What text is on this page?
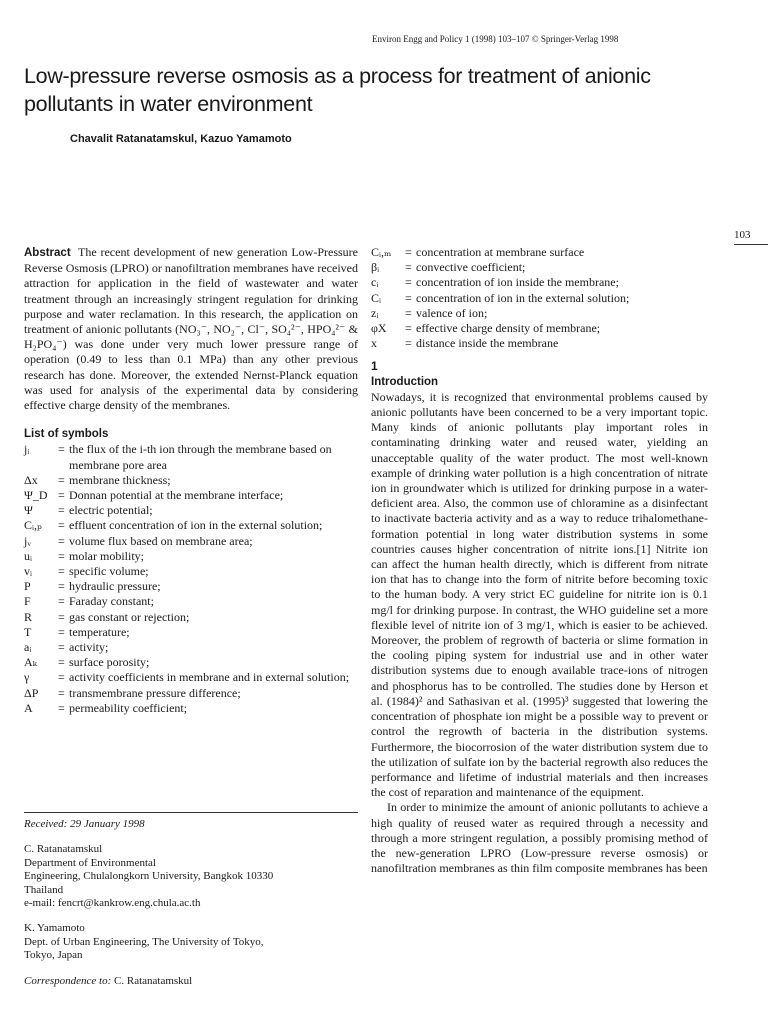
Environ Engg and Policy 1 (1998) 103–107 © Springer-Verlag 1998
Low-pressure reverse osmosis as a process for treatment of anionic pollutants in water environment
Chavalit Ratanatamskul, Kazuo Yamamoto
103

Abstract The recent development of new generation Low-Pressure Reverse Osmosis (LPRO) or nanofiltration membranes have received attraction for application in the field of wastewater and water treatment through an increasingly stringent regulation for drinking purpose and water reclamation. In this research, the application on treatment of anionic pollutants (NO₃⁻, NO₂⁻, Cl⁻, SO₄²⁻, HPO₄²⁻ & H₂PO₄⁻) was done under very much lower pressure range of operation (0.49 to less than 0.1 MPa) than any other previous research has done. Moreover, the extended Nernst-Planck equation was used for analysis of the experimental data by considering effective charge density of the membranes.

List of symbols
jᵢ	= the flux of the i-th ion through the membrane based on membrane pore area
Δx	= membrane thickness;
Ψ_D = Donnan potential at the membrane interface;
Ψ	= electric potential;
Cᵢ,ₚ	= effluent concentration of ion in the external solution;
jᵥ	= volume flux based on membrane area;
uᵢ	= molar mobility;
vᵢ	= specific volume;
P	= hydraulic pressure;
F	= Faraday constant;
R	= gas constant or rejection;
T	= temperature;
aᵢ	= activity;
Aₖ	= surface porosity;
γ	= activity coefficients in membrane and in external solution;
ΔP	= transmembrane pressure difference;
A	= permeability coefficient;
Received: 29 January 1998
C. Ratanatamskul
Department of Environmental
Engineering, Chulalongkorn University, Bangkok 10330
Thailand
e-mail: fencrt@kankrow.eng.chula.ac.th
K. Yamamoto
Dept. of Urban Engineering, The University of Tokyo,
Tokyo, Japan
Correspondence to: C. Ratanatamskul
Cᵢ,ₘ	= concentration at membrane surface
βᵢ	= convective coefficient;
cᵢ	= concentration of ion inside the membrane;
Cᵢ	= concentration of ion in the external solution;
zᵢ	= valence of ion;
φX	= effective charge density of membrane;
x	= distance inside the membrane
1
Introduction

Nowadays, it is recognized that environmental problems caused by anionic pollutants have been concerned to be a very important topic. Many kinds of anionic pollutants play important roles in contaminating drinking water and reused water, yielding an unacceptable quality of the water product. The most well-known example of drinking water pollution is a high concentration of nitrate ion in groundwater which is utilized for drinking purpose in a water-deficient area. Also, the common use of chloramine as a disinfectant to inactivate bacteria activity and as a way to reduce trihalomethane-formation potential in long water distribution systems in some countries causes higher concentration of nitrite ions.[1] Nitrite ion can affect the human health directly, which is different from nitrate ion that has to change into the form of nitrite before becoming toxic to the human body. A very strict EC guideline for nitrite ion is 0.1 mg/l for drinking purpose. In contrast, the WHO guideline set a more flexible level of nitrite ion of 3 mg/1, which is easier to be achieved. Moreover, the problem of regrowth of bacteria or slime formation in the cooling piping system for industrial use and in other water distribution systems due to enough available trace-ions of nitrogen and phosphorus has to be controlled. The studies done by Herson et al. (1984)² and Sathasivan et al. (1995)³ suggested that lowering the concentration of phosphate ion might be a possible way to prevent or control the regrowth of bacteria in the distribution systems. Furthermore, the biocorrosion of the water distribution system due to the utilization of sulfate ion by the bacterial regrowth also reduces the performance and lifetime of industrial materials and then increases the cost of reparation and maintenance of the equipment.

In order to minimize the amount of anionic pollutants to achieve a high quality of reused water as required through a necessity and through a more stringent regulation, a possibly promising method of the new-generation LPRO (Low-pressure reverse osmosis) or nanofiltration membranes as thin film composite membranes has been
